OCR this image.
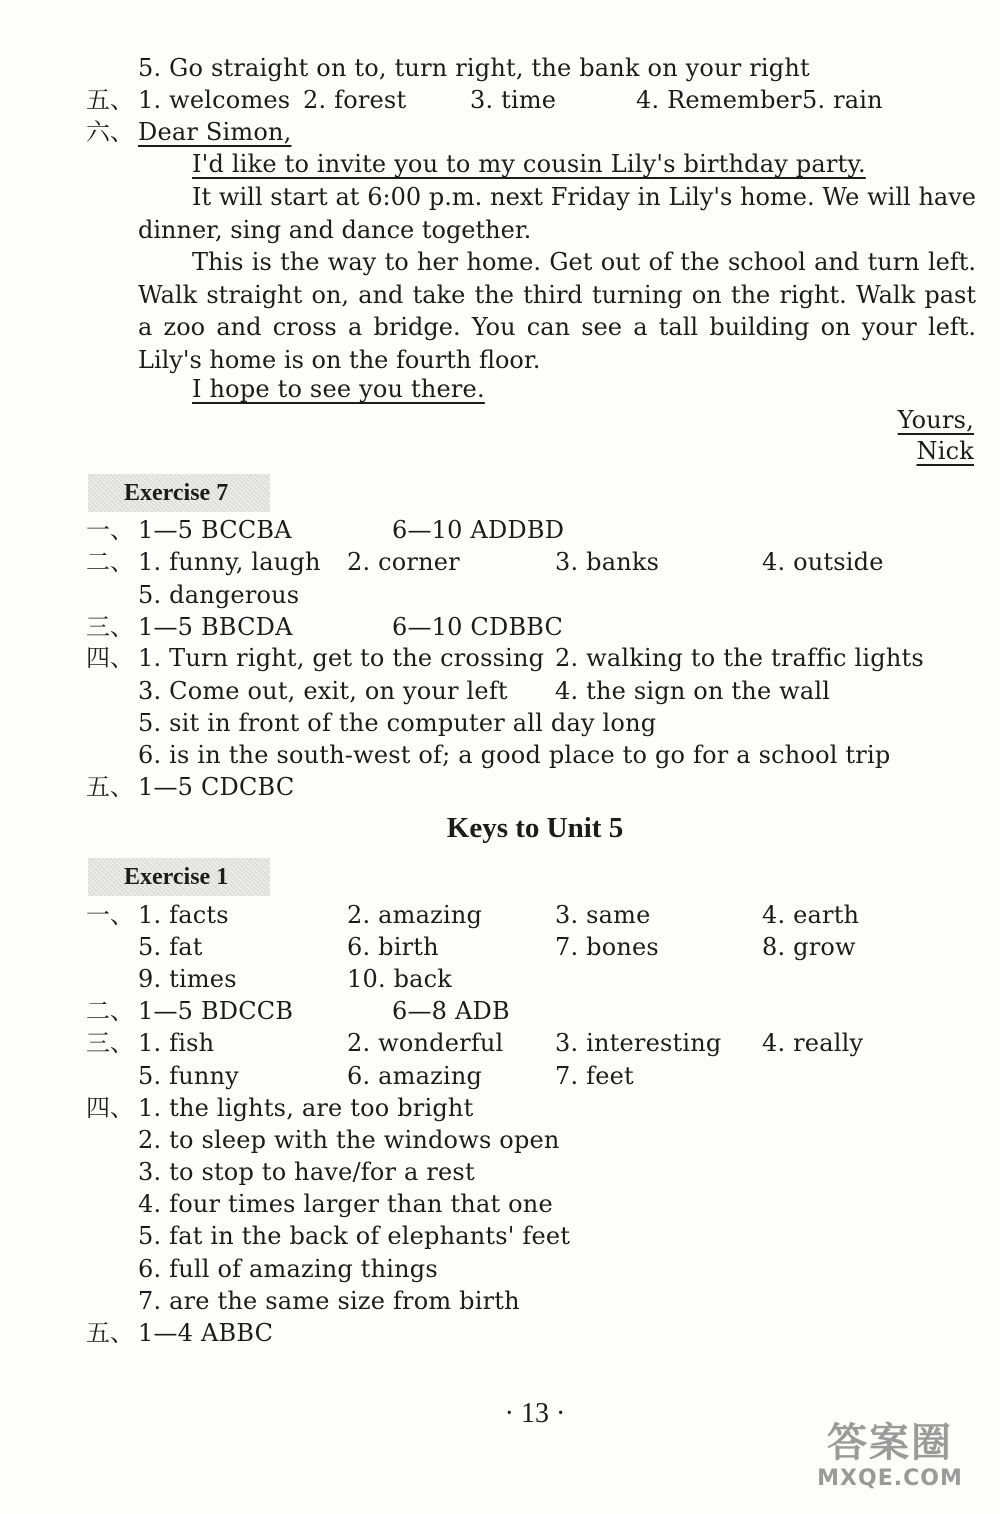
5. Go straight on to, turn right, the bank on your right
五、 1. welcomes 2. forest	3. time	4. Remember 5. rain
六、 Dear Simon,
I'd like to invite you to my cousin Lily's birthday party.
It will start at 6:00 p.m. next Friday in Lily's home. We will have dinner, sing and dance together.
This is the way to her home. Get out of the school and turn left. Walk straight on, and take the third turning on the right. Walk past a zoo and cross a bridge. You can see a tall building on your left. Lily's home is on the fourth floor.
I hope to see you there.
Yours,
Nick
Exercise 7
一、 1—5 BCCBA	6—10 ADDBD
二、 1. funny, laugh 2. corner	3. banks	4. outside
5. dangerous
三、 1—5 BBCDA	6—10 CDBBC
四、 1. Turn right, get to the crossing 2. walking to the traffic lights
3. Come out, exit, on your left 4. the sign on the wall
5. sit in front of the computer all day long
6. is in the south-west of; a good place to go for a school trip
五、 1—5 CDCBC
Keys to Unit 5
Exercise 1
一、 1. facts	2. amazing	3. same	4. earth
5. fat	6. birth	7. bones	8. grow
9. times	10. back
二、 1—5 BDCCB	6—8 ADB
三、 1. fish	2. wonderful 3. interesting 4. really
5. funny	6. amazing	7. feet
四、 1. the lights, are too bright
2. to sleep with the windows open
3. to stop to have/for a rest
4. four times larger than that one
5. fat in the back of elephants' feet
6. full of amazing things
7. are the same size from birth
五、 1—4 ABBC
· 13 ·
答案圈
MXQE.COM
